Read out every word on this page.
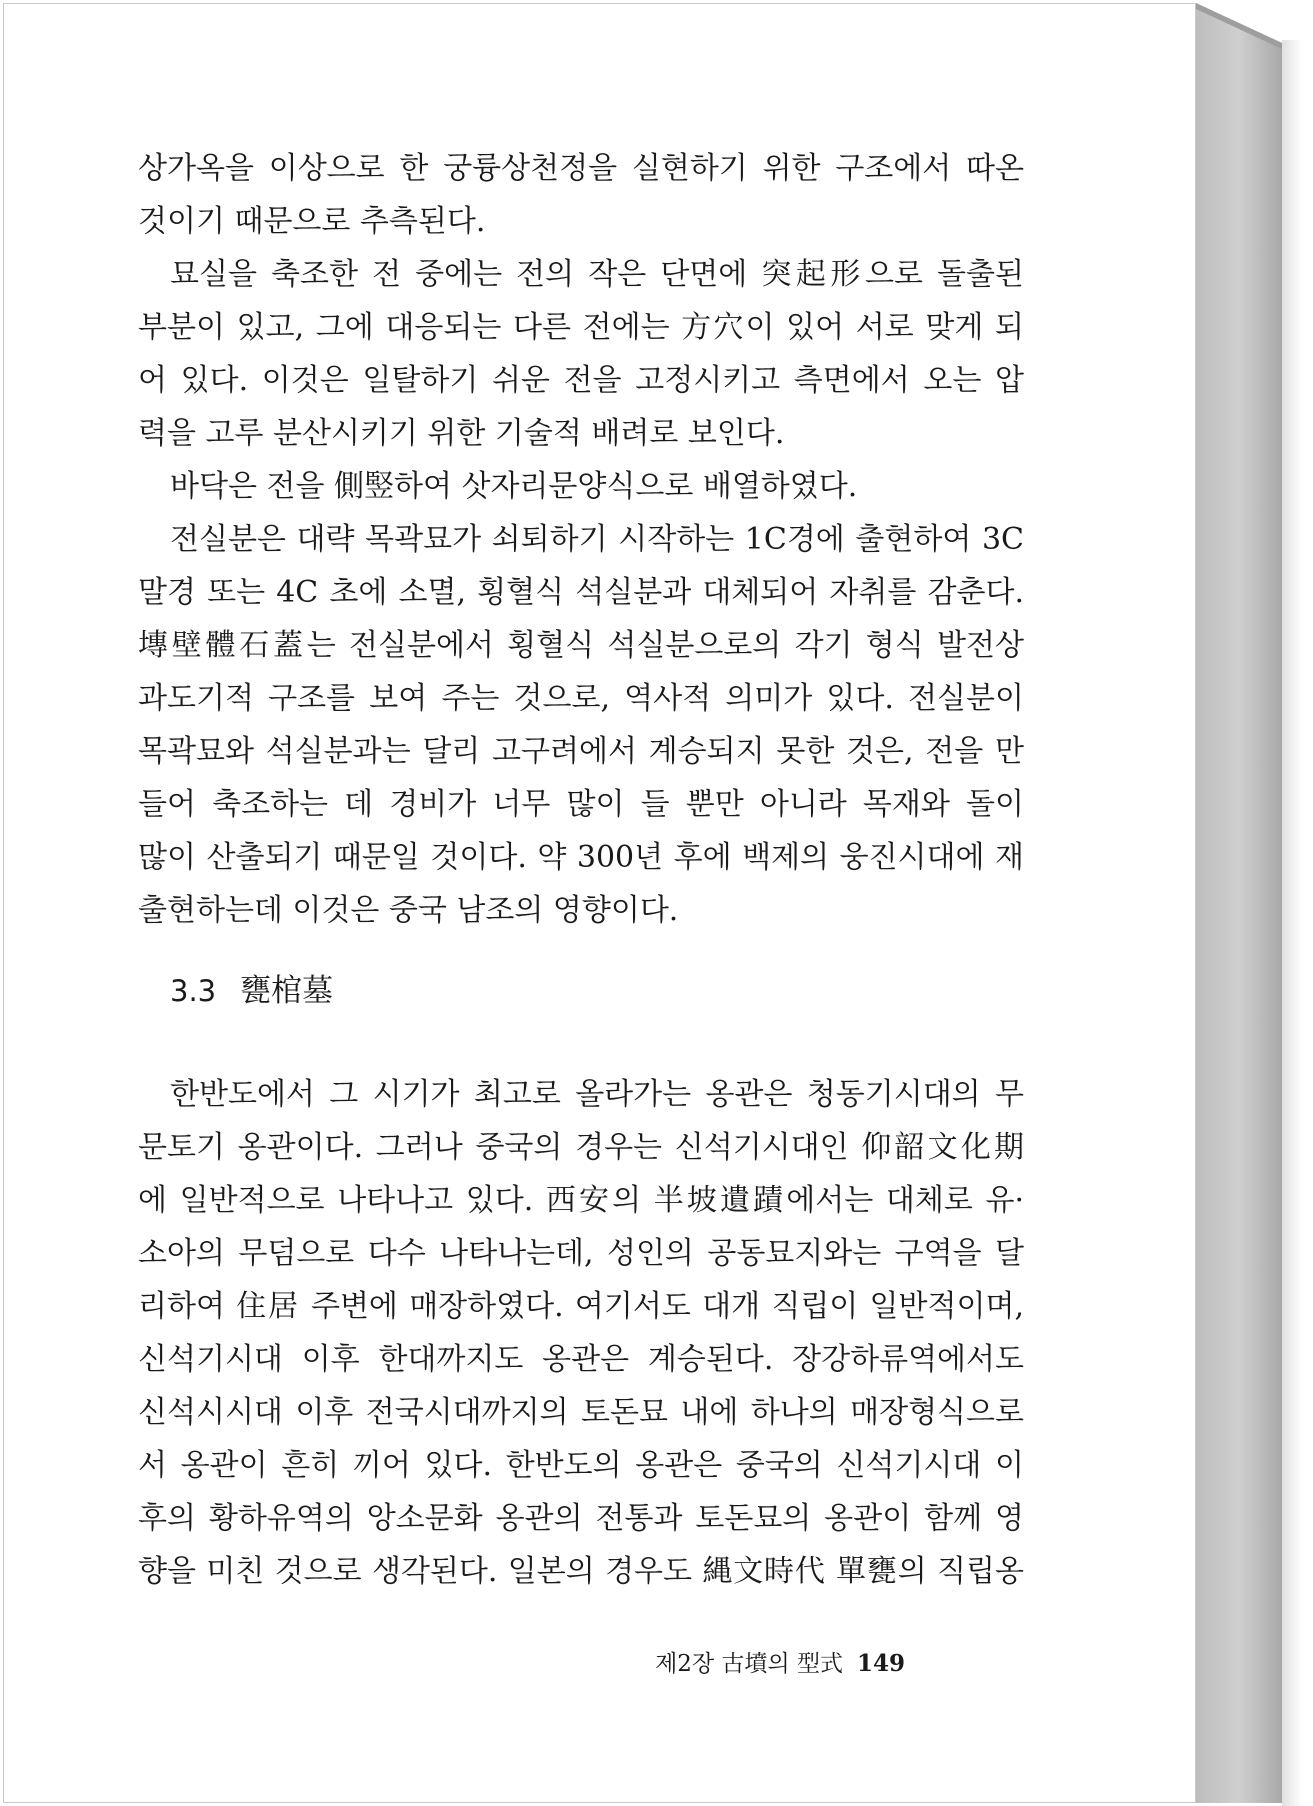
상가옥을 이상으로 한 궁륭상천정을 실현하기 위한 구조에서 따온
것이기 때문으로 추측된다.
묘실을 축조한 전 중에는 전의 작은 단면에 突起形으로 돌출된
부분이 있고, 그에 대응되는 다른 전에는 方穴이 있어 서로 맞게 되
어 있다. 이것은 일탈하기 쉬운 전을 고정시키고 측면에서 오는 압
력을 고루 분산시키기 위한 기술적 배려로 보인다.
바닥은 전을 側竪하여 삿자리문양식으로 배열하였다.
전실분은 대략 목곽묘가 쇠퇴하기 시작하는 1C경에 출현하여 3C
말경 또는 4C 초에 소멸, 횡혈식 석실분과 대체되어 자취를 감춘다.
塼壁體石蓋는 전실분에서 횡혈식 석실분으로의 각기 형식 발전상
과도기적 구조를 보여 주는 것으로, 역사적 의미가 있다. 전실분이
목곽묘와 석실분과는 달리 고구려에서 계승되지 못한 것은, 전을 만
들어 축조하는 데 경비가 너무 많이 들 뿐만 아니라 목재와 돌이
많이 산출되기 때문일 것이다. 약 300년 후에 백제의 웅진시대에 재
출현하는데 이것은 중국 남조의 영향이다.
3.3 甕棺墓
한반도에서 그 시기가 최고로 올라가는 옹관은 청동기시대의 무
문토기 옹관이다. 그러나 중국의 경우는 신석기시대인 仰韶文化期
에 일반적으로 나타나고 있다. 西安의 半坡遺蹟에서는 대체로 유·
소아의 무덤으로 다수 나타나는데, 성인의 공동묘지와는 구역을 달
리하여 住居 주변에 매장하였다. 여기서도 대개 직립이 일반적이며,
신석기시대 이후 한대까지도 옹관은 계승된다. 장강하류역에서도
신석시시대 이후 전국시대까지의 토돈묘 내에 하나의 매장형식으로
서 옹관이 흔히 끼어 있다. 한반도의 옹관은 중국의 신석기시대 이
후의 황하유역의 앙소문화 옹관의 전통과 토돈묘의 옹관이 함께 영
향을 미친 것으로 생각된다. 일본의 경우도 縄文時代 單甕의 직립옹
제2장 古墳의 型式 149
